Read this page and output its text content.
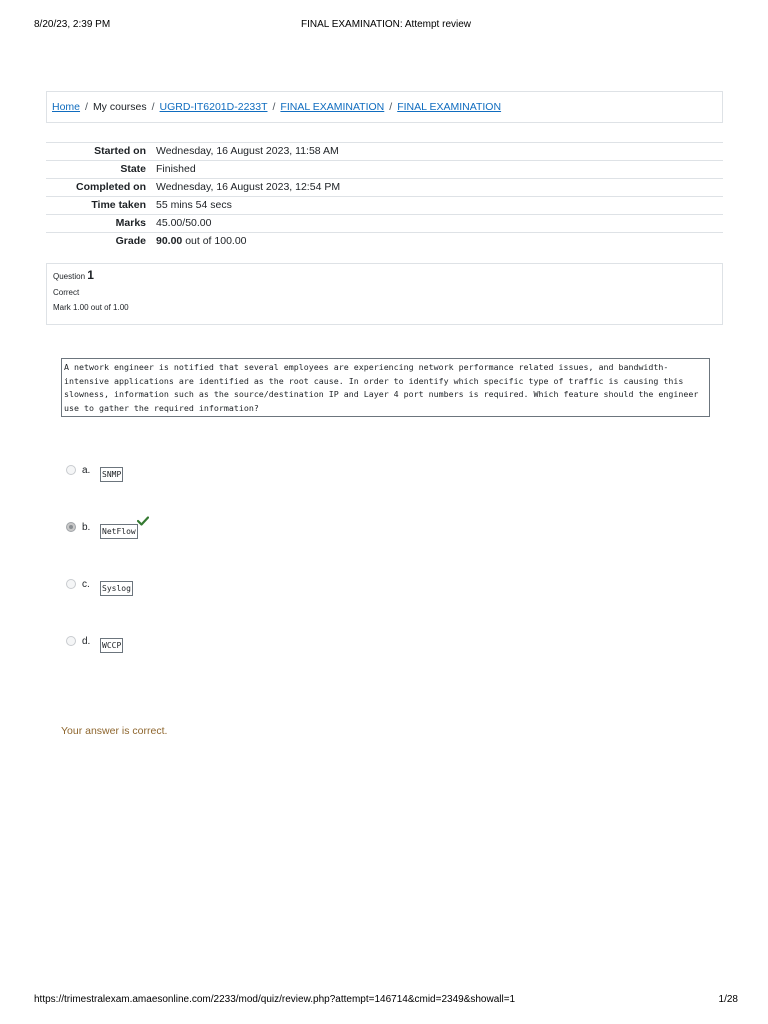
8/20/23, 2:39 PM	FINAL EXAMINATION: Attempt review
Home / My courses / UGRD-IT6201D-2233T / FINAL EXAMINATION / FINAL EXAMINATION
Started on	Wednesday, 16 August 2023, 11:58 AM
State	Finished
Completed on	Wednesday, 16 August 2023, 12:54 PM
Time taken	55 mins 54 secs
Marks	45.00/50.00
Grade	90.00 out of 100.00
Question 1
Correct
Mark 1.00 out of 1.00
A network engineer is notified that several employees are experiencing network performance related issues, and bandwidth-intensive applications are identified as the root cause. In order to identify which specific type of traffic is causing this slowness, information such as the source/destination IP and Layer 4 port numbers is required. Which feature should the engineer use to gather the required information?
a. SNMP
b. NetFlow
c. Syslog
d. WCCP
Your answer is correct.
https://trimestralexam.amaesonline.com/2233/mod/quiz/review.php?attempt=146714&cmid=2349&showall=1	1/28
